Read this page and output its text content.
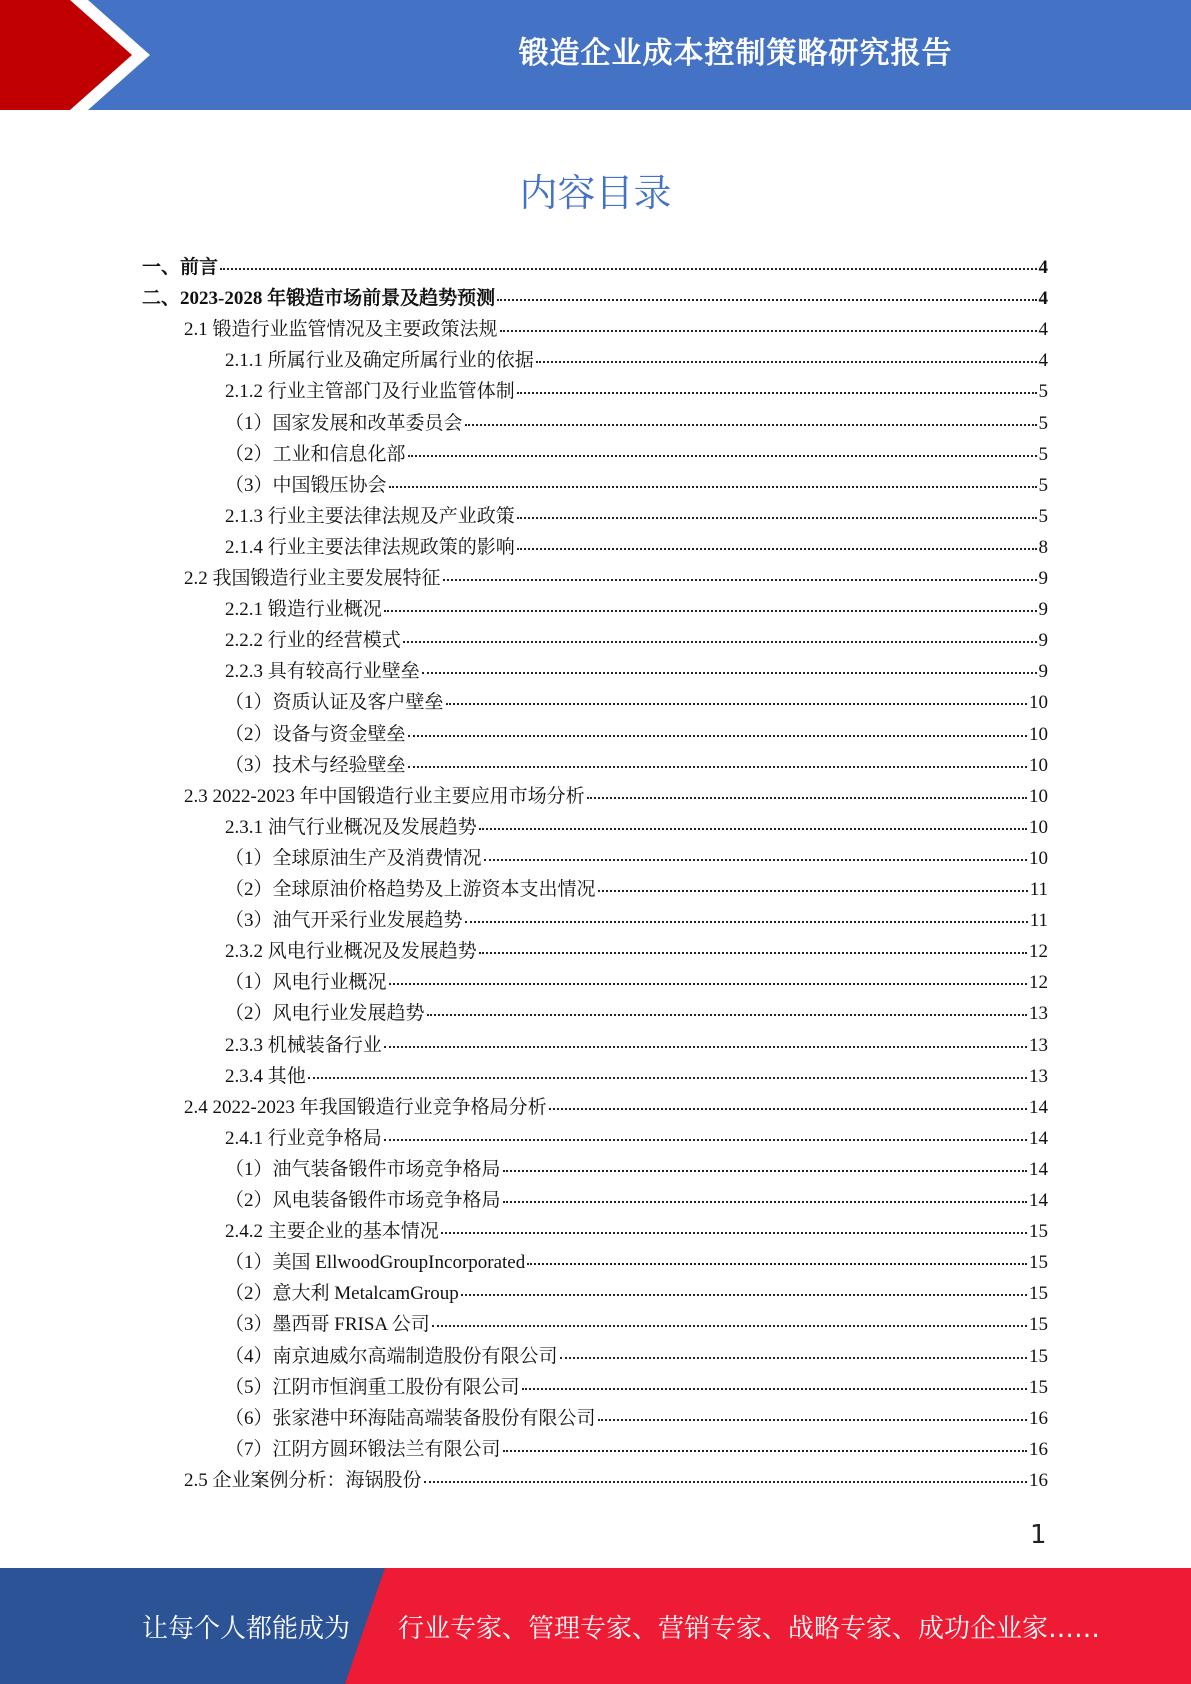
锻造企业成本控制策略研究报告
内容目录
一、前言	4
二、2023-2028 年锻造市场前景及趋势预测	4
2.1 锻造行业监管情况及主要政策法规	4
2.1.1 所属行业及确定所属行业的依据	4
2.1.2 行业主管部门及行业监管体制	5
（1）国家发展和改革委员会	5
（2）工业和信息化部	5
（3）中国锻压协会	5
2.1.3 行业主要法律法规及产业政策	5
2.1.4 行业主要法律法规政策的影响	8
2.2 我国锻造行业主要发展特征	9
2.2.1 锻造行业概况	9
2.2.2 行业的经营模式	9
2.2.3 具有较高行业壁垒	9
（1）资质认证及客户壁垒	10
（2）设备与资金壁垒	10
（3）技术与经验壁垒	10
2.3 2022-2023 年中国锻造行业主要应用市场分析	10
2.3.1 油气行业概况及发展趋势	10
（1）全球原油生产及消费情况	10
（2）全球原油价格趋势及上游资本支出情况	11
（3）油气开采行业发展趋势	11
2.3.2 风电行业概况及发展趋势	12
（1）风电行业概况	12
（2）风电行业发展趋势	13
2.3.3 机械装备行业	13
2.3.4 其他	13
2.4 2022-2023 年我国锻造行业竞争格局分析	14
2.4.1 行业竞争格局	14
（1）油气装备锻件市场竞争格局	14
（2）风电装备锻件市场竞争格局	14
2.4.2 主要企业的基本情况	15
（1）美国 EllwoodGroupIncorporated	15
（2）意大利 MetalcamGroup	15
（3）墨西哥 FRISA 公司	15
（4）南京迪威尔高端制造股份有限公司	15
（5）江阴市恒润重工股份有限公司	15
（6）张家港中环海陆高端装备股份有限公司	16
（7）江阴方圆环锻法兰有限公司	16
2.5 企业案例分析：海锅股份	16
1
让每个人都能成为 行业专家、管理专家、营销专家、战略专家、成功企业家……
